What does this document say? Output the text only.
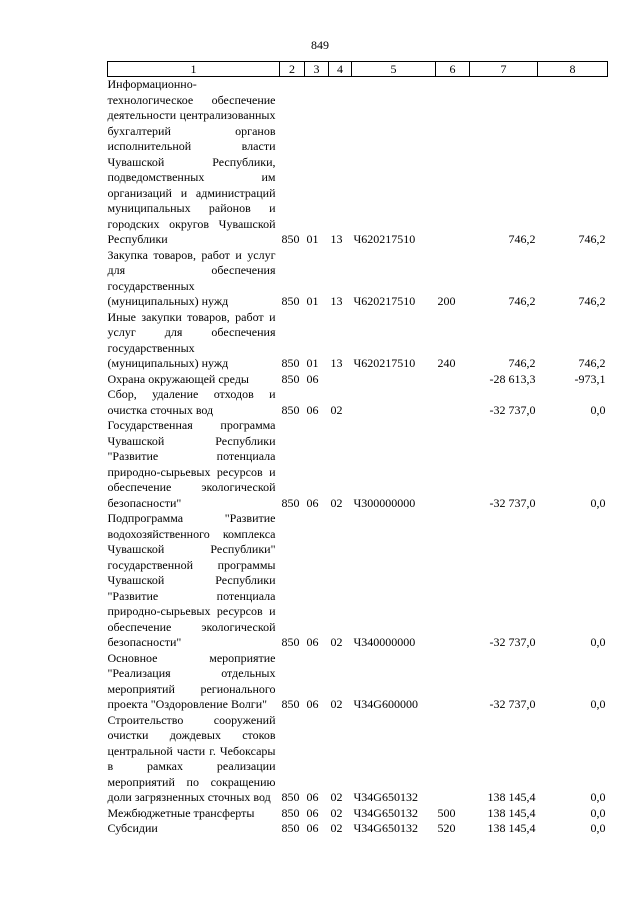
849
1	2	3	4	5	6	7	8
Информационно-технологическое обеспечение деятельности централизованных бухгалтерий органов исполнительной власти Чувашской Республики, подведомственных им организаций и администраций муниципальных районов и городских округов Чувашской Республики	850	01	13	Ч620217510		746,2	746,2
Закупка товаров, работ и услуг для обеспечения государственных (муниципальных) нужд	850	01	13	Ч620217510	200	746,2	746,2
Иные закупки товаров, работ и услуг для обеспечения государственных (муниципальных) нужд	850	01	13	Ч620217510	240	746,2	746,2
Охрана окружающей среды	850	06				-28 613,3	-973,1
Сбор, удаление отходов и очистка сточных вод	850	06	02			-32 737,0	0,0
Государственная программа Чувашской Республики "Развитие потенциала природно-сырьевых ресурсов и обеспечение экологической безопасности"	850	06	02	Ч300000000		-32 737,0	0,0
Подпрограмма "Развитие водохозяйственного комплекса Чувашской Республики" государственной программы Чувашской Республики "Развитие потенциала природно-сырьевых ресурсов и обеспечение экологической безопасности"	850	06	02	Ч340000000		-32 737,0	0,0
Основное мероприятие "Реализация отдельных мероприятий регионального проекта "Оздоровление Волги"	850	06	02	Ч34G600000		-32 737,0	0,0
Строительство сооружений очистки дождевых стоков центральной части г. Чебоксары в рамках реализации мероприятий по сокращению доли загрязненных сточных вод	850	06	02	Ч34G650132		138 145,4	0,0
Межбюджетные трансферты	850	06	02	Ч34G650132	500	138 145,4	0,0
Субсидии	850	06	02	Ч34G650132	520	138 145,4	0,0
